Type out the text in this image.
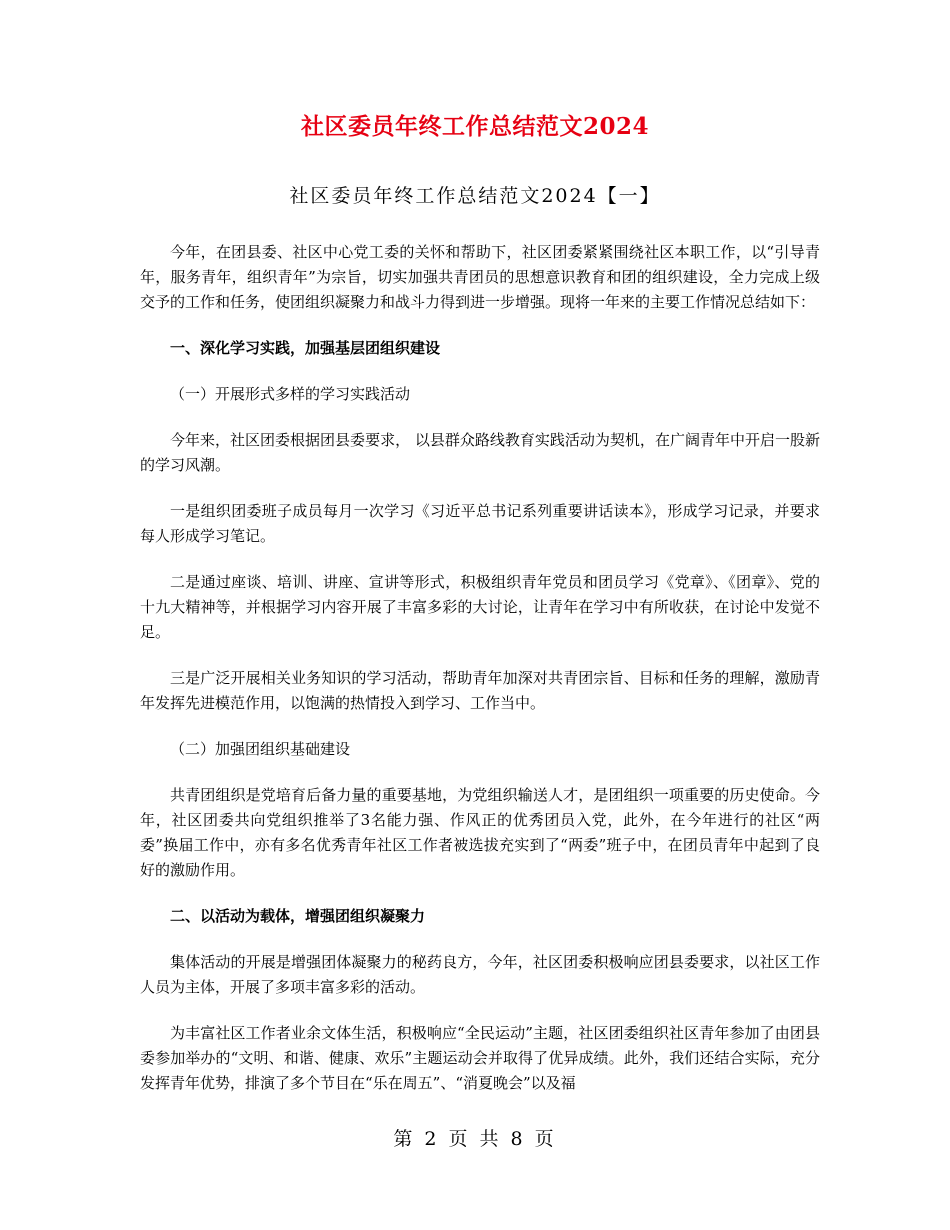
社区委员年终工作总结范文2024
社区委员年终工作总结范文2024【一】

今年，在团县委、社区中心党工委的关怀和帮助下，社区团委紧紧围绕社区本职工作，以“引导青年，服务青年，组织青年”为宗旨，切实加强共青团员的思想意识教育和团的组织建设，全力完成上级交予的工作和任务，使团组织凝聚力和战斗力得到进一步增强。现将一年来的主要工作情况总结如下：

一、深化学习实践，加强基层团组织建设

（一）开展形式多样的学习实践活动

今年来，社区团委根据团县委要求， 以县群众路线教育实践活动为契机，在广阔青年中开启一股新的学习风潮。

一是组织团委班子成员每月一次学习《习近平总书记系列重要讲话读本》，形成学习记录，并要求每人形成学习笔记。

二是通过座谈、培训、讲座、宣讲等形式，积极组织青年党员和团员学习《党章》、《团章》、党的十九大精神等，并根据学习内容开展了丰富多彩的大讨论，让青年在学习中有所收获，在讨论中发觉不足。

三是广泛开展相关业务知识的学习活动，帮助青年加深对共青团宗旨、目标和任务的理解，激励青年发挥先进模范作用，以饱满的热情投入到学习、工作当中。

（二）加强团组织基础建设

共青团组织是党培育后备力量的重要基地，为党组织输送人才，是团组织一项重要的历史使命。今年，社区团委共向党组织推举了3名能力强、作风正的优秀团员入党，此外，在今年进行的社区“两委”换届工作中，亦有多名优秀青年社区工作者被选拔充实到了“两委”班子中，在团员青年中起到了良好的激励作用。

二、以活动为载体，增强团组织凝聚力

集体活动的开展是增强团体凝聚力的秘药良方，今年，社区团委积极响应团县委要求，以社区工作人员为主体，开展了多项丰富多彩的活动。

为丰富社区工作者业余文体生活，积极响应“全民运动”主题，社区团委组织社区青年参加了由团县委参加举办的“文明、和谐、健康、欢乐”主题运动会并取得了优异成绩。此外，我们还结合实际，充分发挥青年优势，排演了多个节目在“乐在周五”、“消夏晚会”以及福

第 2 页 共 8 页
